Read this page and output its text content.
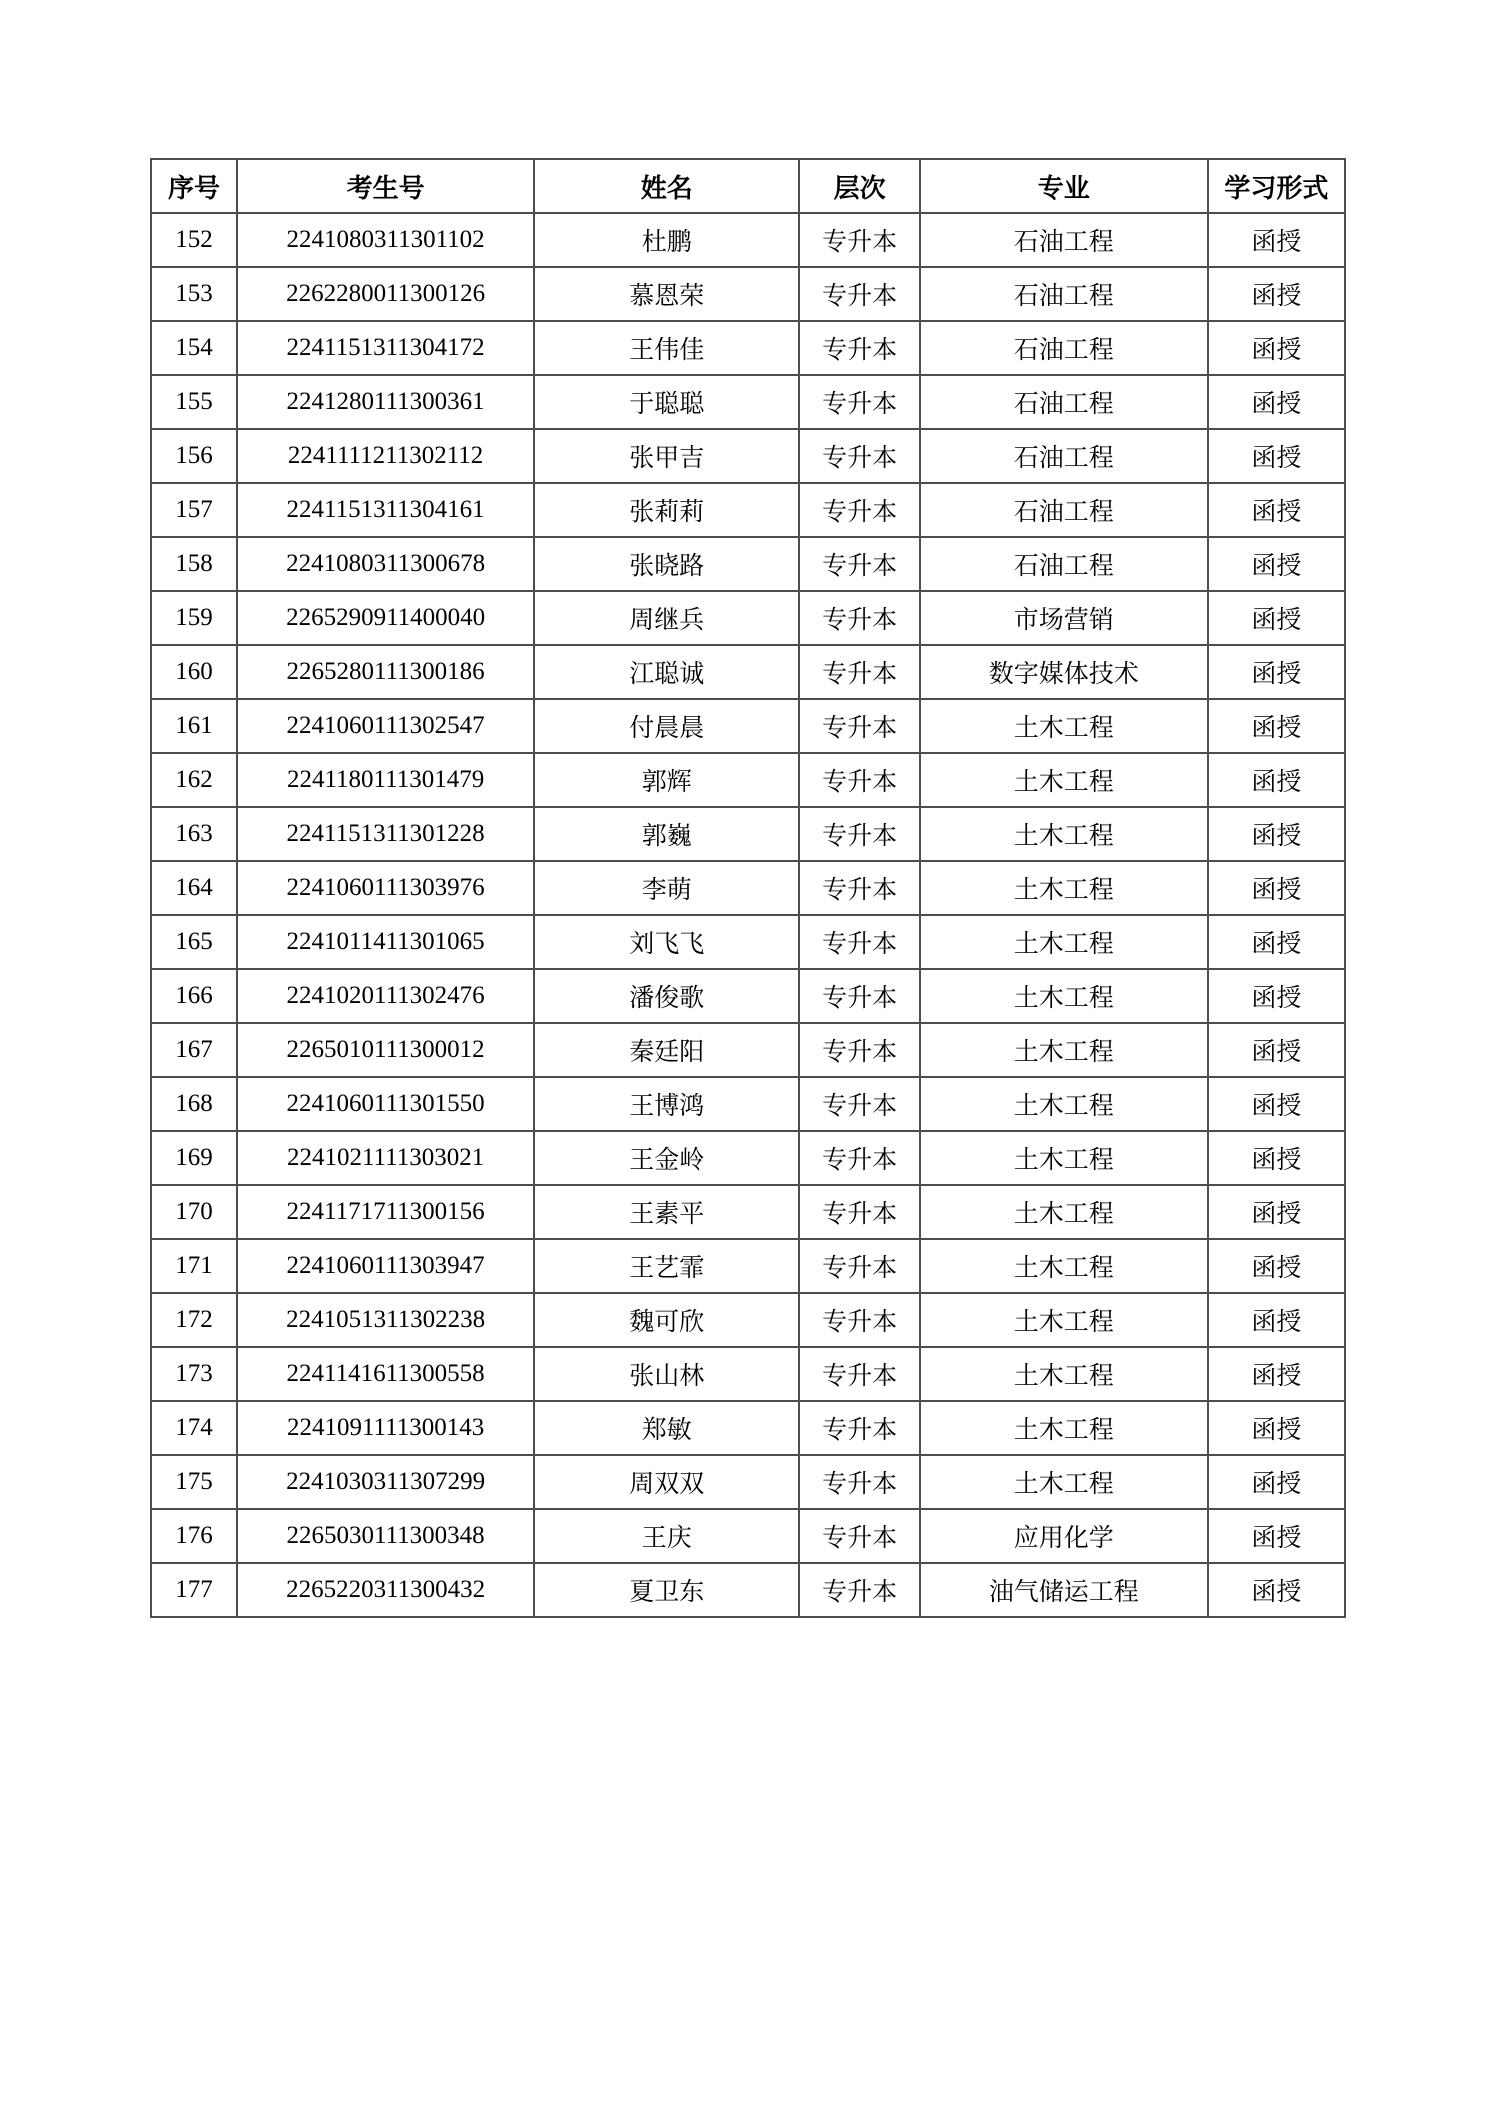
序号	考生号	姓名	层次	专业	学习形式
152	2241080311301102	杜鹏	专升本	石油工程	函授
153	2262280011300126	慕恩荣	专升本	石油工程	函授
154	2241151311304172	王伟佳	专升本	石油工程	函授
155	2241280111300361	于聪聪	专升本	石油工程	函授
156	2241111211302112	张甲吉	专升本	石油工程	函授
157	2241151311304161	张莉莉	专升本	石油工程	函授
158	2241080311300678	张晓路	专升本	石油工程	函授
159	2265290911400040	周继兵	专升本	市场营销	函授
160	2265280111300186	江聪诚	专升本	数字媒体技术	函授
161	2241060111302547	付晨晨	专升本	土木工程	函授
162	2241180111301479	郭辉	专升本	土木工程	函授
163	2241151311301228	郭巍	专升本	土木工程	函授
164	2241060111303976	李萌	专升本	土木工程	函授
165	2241011411301065	刘飞飞	专升本	土木工程	函授
166	2241020111302476	潘俊歌	专升本	土木工程	函授
167	2265010111300012	秦廷阳	专升本	土木工程	函授
168	2241060111301550	王博鸿	专升本	土木工程	函授
169	2241021111303021	王金岭	专升本	土木工程	函授
170	2241171711300156	王素平	专升本	土木工程	函授
171	2241060111303947	王艺霏	专升本	土木工程	函授
172	2241051311302238	魏可欣	专升本	土木工程	函授
173	2241141611300558	张山林	专升本	土木工程	函授
174	2241091111300143	郑敏	专升本	土木工程	函授
175	2241030311307299	周双双	专升本	土木工程	函授
176	2265030111300348	王庆	专升本	应用化学	函授
177	2265220311300432	夏卫东	专升本	油气储运工程	函授
